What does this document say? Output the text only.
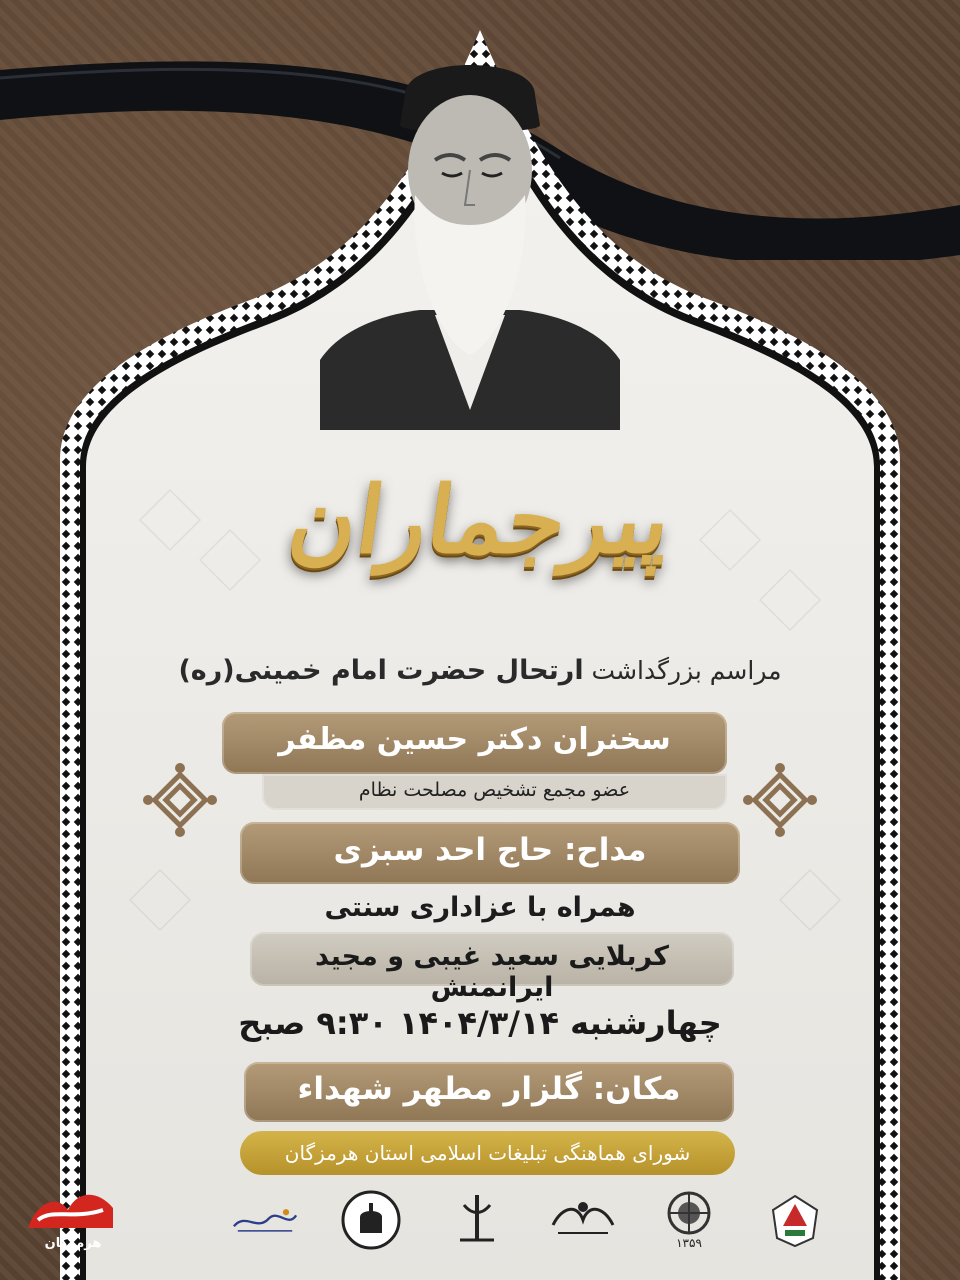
پیرجماران
مراسم بزرگداشت ارتحال حضرت امام خمینی(ره)
سخنران دکتر حسین مظفر
عضو مجمع تشخیص مصلحت نظام
مداح: حاج احد سبزی
همراه با عزاداری سنتی
کربلایی سعید غیبی و مجید ایرانمنش
چهارشنبه ۱۴۰۴/۳/۱۴ ۹:۳۰ صبح
مکان: گلزار مطهر شهداء
شورای هماهنگی تبلیغات اسلامی استان هرمزگان
۱۳۵۹
هرمزگان
